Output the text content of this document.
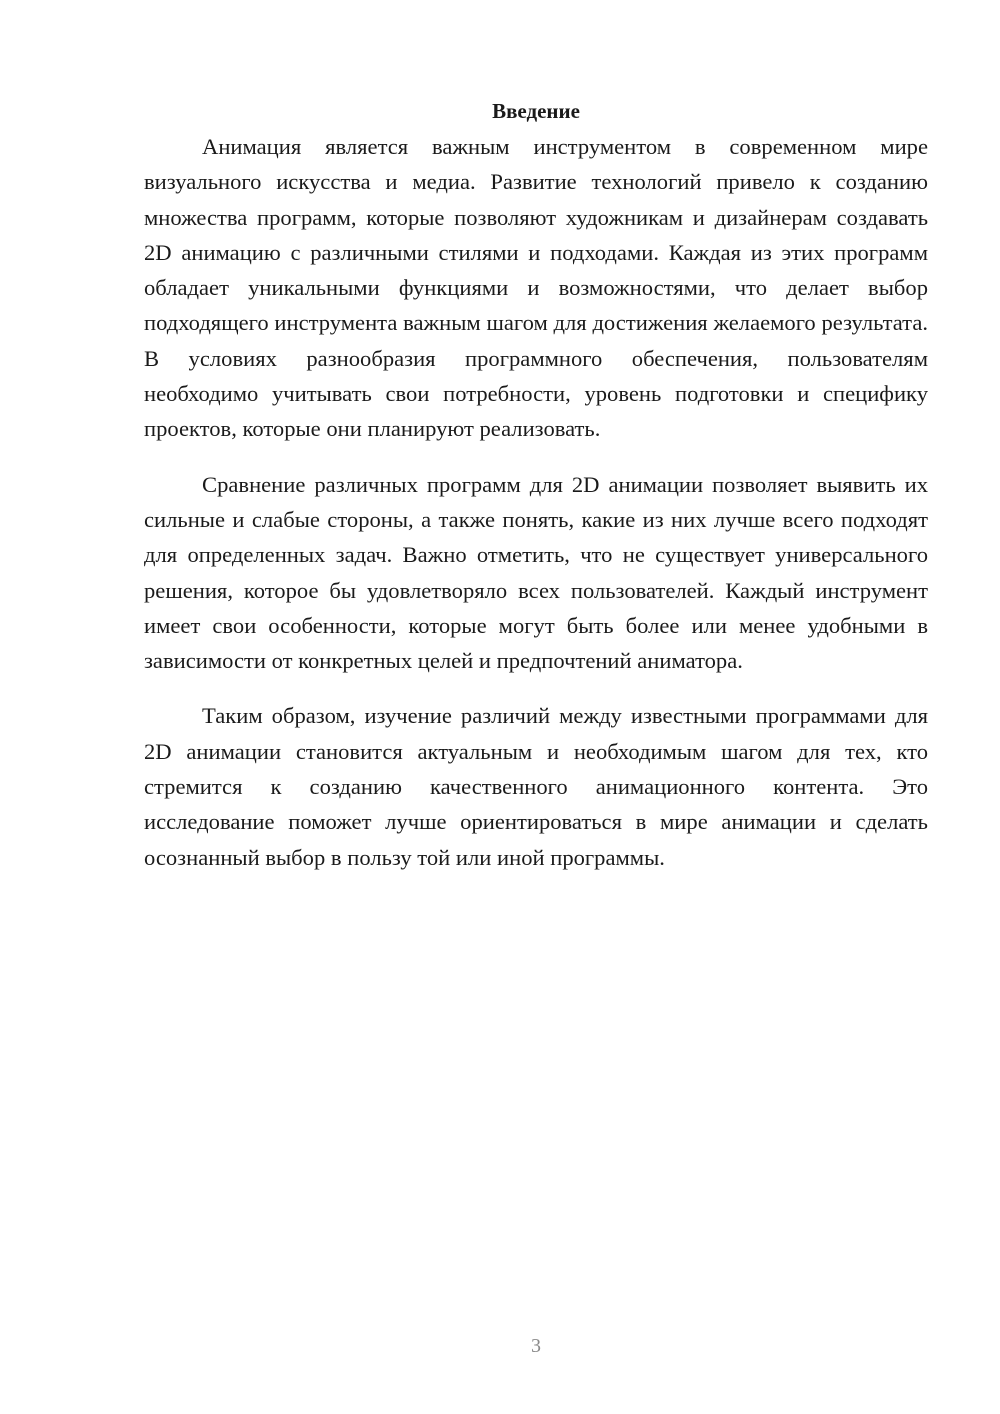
Введение

Анимация является важным инструментом в современном мире визуального искусства и медиа. Развитие технологий привело к созданию множества программ, которые позволяют художникам и дизайнерам создавать 2D анимацию с различными стилями и подходами. Каждая из этих программ обладает уникальными функциями и возможностями, что делает выбор подходящего инструмента важным шагом для достижения желаемого результата. В условиях разнообразия программного обеспечения, пользователям необходимо учитывать свои потребности, уровень подготовки и специфику проектов, которые они планируют реализовать.

Сравнение различных программ для 2D анимации позволяет выявить их сильные и слабые стороны, а также понять, какие из них лучше всего подходят для определенных задач. Важно отметить, что не существует универсального решения, которое бы удовлетворяло всех пользователей. Каждый инструмент имеет свои особенности, которые могут быть более или менее удобными в зависимости от конкретных целей и предпочтений аниматора.

Таким образом, изучение различий между известными программами для 2D анимации становится актуальным и необходимым шагом для тех, кто стремится к созданию качественного анимационного контента. Это исследование поможет лучше ориентироваться в мире анимации и сделать осознанный выбор в пользу той или иной программы.

3
